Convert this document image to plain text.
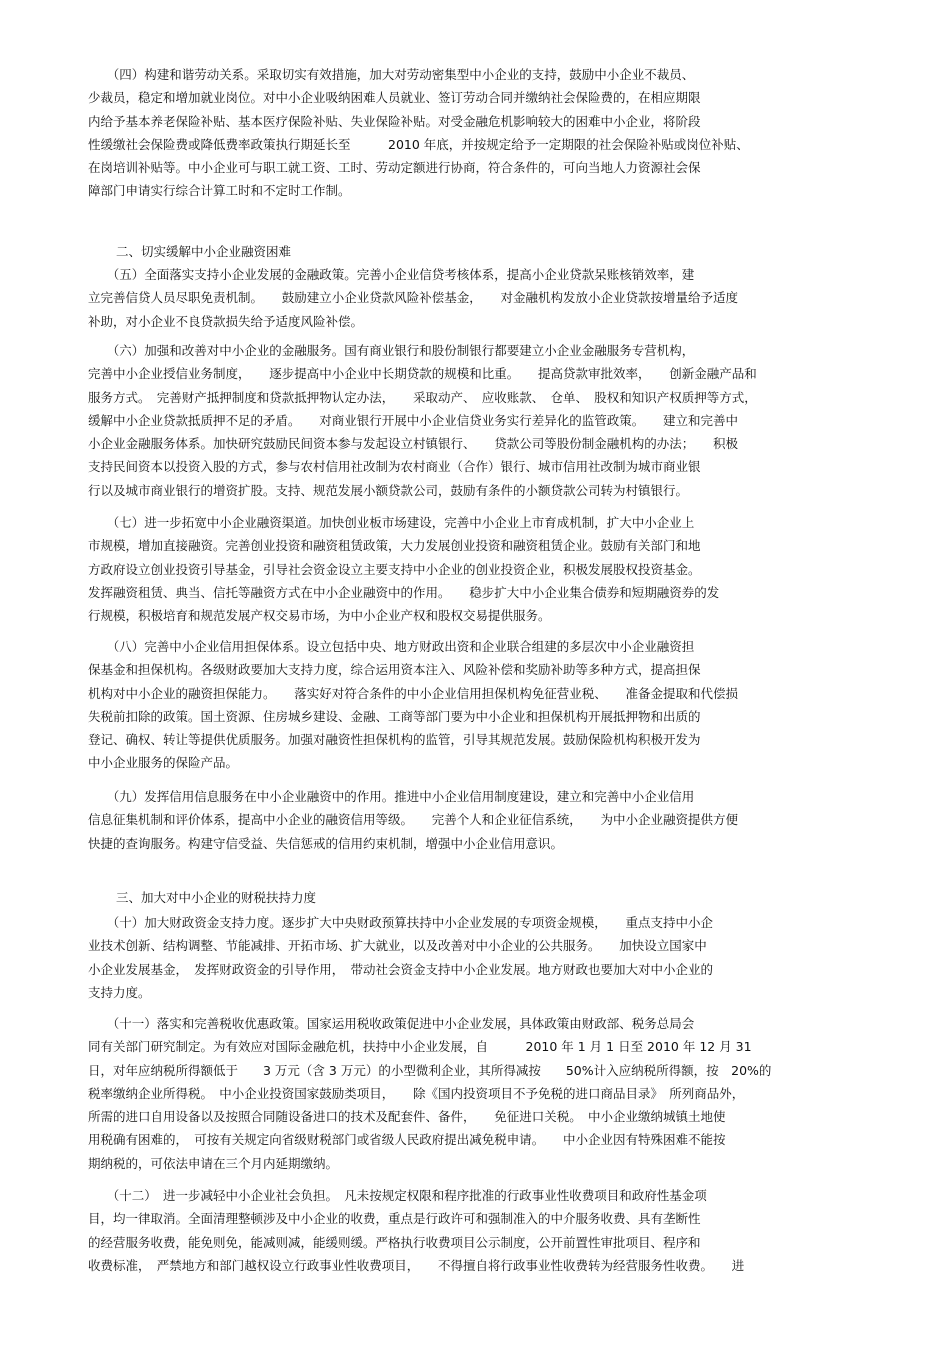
　　（四）构建和谐劳动关系。采取切实有效措施，加大对劳动密集型中小企业的支持，鼓励中小企业不裁员、
少裁员，稳定和增加就业岗位。对中小企业吸纳困难人员就业、签订劳动合同并缴纳社会保险费的，在相应期限
内给予基本养老保险补贴、基本医疗保险补贴、失业保险补贴。对受金融危机影响较大的困难中小企业，将阶段
性缓缴社会保险费或降低费率政策执行期延长至　　　2010 年底，并按规定给予一定期限的社会保险补贴或岗位补贴、
在岗培训补贴等。中小企业可与职工就工资、工时、劳动定额进行协商，符合条件的，可向当地人力资源社会保
障部门申请实行综合计算工时和不定时工作制。
二、切实缓解中小企业融资困难
　　（五）全面落实支持小企业发展的金融政策。完善小企业信贷考核体系，提高小企业贷款呆账核销效率，建
立完善信贷人员尽职免责机制。　　鼓励建立小企业贷款风险补偿基金，　　对金融机构发放小企业贷款按增量给予适度
补助，对小企业不良贷款损失给予适度风险补偿。
　　（六）加强和改善对中小企业的金融服务。国有商业银行和股份制银行都要建立小企业金融服务专营机构，
完善中小企业授信业务制度，　　逐步提高中小企业中长期贷款的规模和比重。　　提高贷款审批效率，　　创新金融产品和
服务方式。　完善财产抵押制度和贷款抵押物认定办法，　　采取动产、　应收账款、　仓单、　股权和知识产权质押等方式，
缓解中小企业贷款抵质押不足的矛盾。　　对商业银行开展中小企业信贷业务实行差异化的监管政策。　　建立和完善中
小企业金融服务体系。加快研究鼓励民间资本参与发起设立村镇银行、　　贷款公司等股份制金融机构的办法；　　积极
支持民间资本以投资入股的方式，参与农村信用社改制为农村商业（合作）银行、城市信用社改制为城市商业银
行以及城市商业银行的增资扩股。支持、规范发展小额贷款公司，鼓励有条件的小额贷款公司转为村镇银行。
　　（七）进一步拓宽中小企业融资渠道。加快创业板市场建设，完善中小企业上市育成机制，扩大中小企业上
市规模，增加直接融资。完善创业投资和融资租赁政策，大力发展创业投资和融资租赁企业。鼓励有关部门和地
方政府设立创业投资引导基金，引导社会资金设立主要支持中小企业的创业投资企业，积极发展股权投资基金。
发挥融资租赁、典当、信托等融资方式在中小企业融资中的作用。　　稳步扩大中小企业集合债券和短期融资券的发
行规模，积极培育和规范发展产权交易市场，为中小企业产权和股权交易提供服务。
　　（八）完善中小企业信用担保体系。设立包括中央、地方财政出资和企业联合组建的多层次中小企业融资担
保基金和担保机构。各级财政要加大支持力度，综合运用资本注入、风险补偿和奖励补助等多种方式，提高担保
机构对中小企业的融资担保能力。　　落实好对符合条件的中小企业信用担保机构免征营业税、　　准备金提取和代偿损
失税前扣除的政策。国土资源、住房城乡建设、金融、工商等部门要为中小企业和担保机构开展抵押物和出质的
登记、确权、转让等提供优质服务。加强对融资性担保机构的监管，引导其规范发展。鼓励保险机构积极开发为
中小企业服务的保险产品。
　　（九）发挥信用信息服务在中小企业融资中的作用。推进中小企业信用制度建设，建立和完善中小企业信用
信息征集机制和评价体系，提高中小企业的融资信用等级。　　完善个人和企业征信系统，　　为中小企业融资提供方便
快捷的查询服务。构建守信受益、失信惩戒的信用约束机制，增强中小企业信用意识。
三、加大对中小企业的财税扶持力度
　　（十）加大财政资金支持力度。逐步扩大中央财政预算扶持中小企业发展的专项资金规模，　　重点支持中小企
业技术创新、结构调整、节能减排、开拓市场、扩大就业，以及改善对中小企业的公共服务。　　加快设立国家中
小企业发展基金，　发挥财政资金的引导作用，　带动社会资金支持中小企业发展。地方财政也要加大对中小企业的
支持力度。
　　（十一）落实和完善税收优惠政策。国家运用税收政策促进中小企业发展，具体政策由财政部、税务总局会
同有关部门研究制定。为有效应对国际金融危机，扶持中小企业发展，自　　　2010 年 1 月 1 日至 2010 年 12 月 31
日，对年应纳税所得额低于　　3 万元（含 3 万元）的小型微利企业，其所得减按　　50%计入应纳税所得额，按　20%的
税率缴纳企业所得税。　中小企业投资国家鼓励类项目，　　除《国内投资项目不予免税的进口商品目录》　所列商品外，
所需的进口自用设备以及按照合同随设备进口的技术及配套件、备件，　　免征进口关税。　中小企业缴纳城镇土地使
用税确有困难的，　可按有关规定向省级财税部门或省级人民政府提出减免税申请。　　中小企业因有特殊困难不能按
期纳税的，可依法申请在三个月内延期缴纳。
　　（十二）　进一步减轻中小企业社会负担。　凡未按规定权限和程序批准的行政事业性收费项目和政府性基金项
目，均一律取消。全面清理整顿涉及中小企业的收费，重点是行政许可和强制准入的中介服务收费、具有垄断性
的经营服务收费，能免则免，能减则减，能缓则缓。严格执行收费项目公示制度，公开前置性审批项目、程序和
收费标准，　严禁地方和部门越权设立行政事业性收费项目，　　不得擅自将行政事业性收费转为经营服务性收费。　　进
